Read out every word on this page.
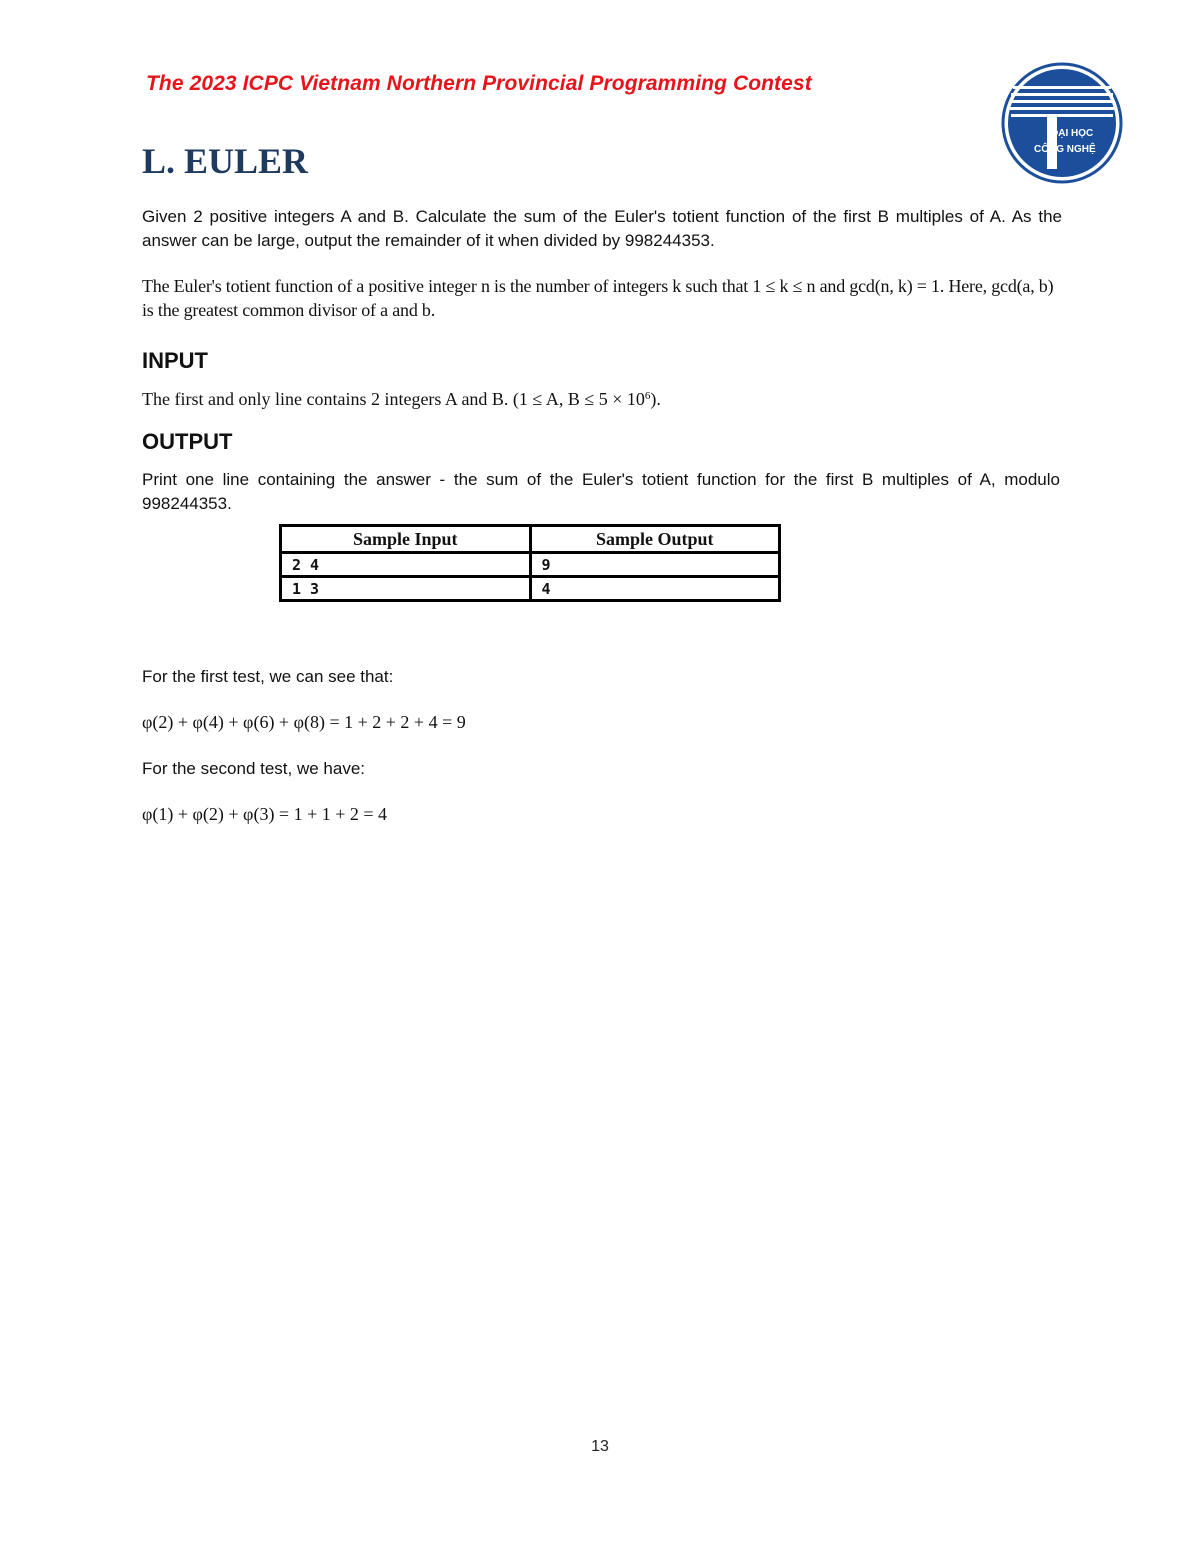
The 2023 ICPC Vietnam Northern Provincial Programming Contest
ĐẠI HỌC
CÔNG NGHỆ
L. EULER
Given 2 positive integers A and B. Calculate the sum of the Euler's totient function of the first B multiples of A. As the answer can be large, output the remainder of it when divided by 998244353.
The Euler's totient function of a positive integer n is the number of integers k such that 1 ≤ k ≤ n and gcd(n, k) = 1. Here, gcd(a, b) is the greatest common divisor of a and b.
INPUT
The first and only line contains 2 integers A and B. (1 ≤ A, $B \le 5 \times 10^6$).
OUTPUT
Print one line containing the answer - the sum of the Euler's totient function for the first B multiples of A, modulo 998244353.
Sample Input	Sample Output
2 4	9
1 3	4
For the first test, we can see that:
φ(2) + φ(4) + φ(6) + φ(8) = 1 + 2 + 2 + 4 = 9
For the second test, we have:
φ(1) + φ(2) + φ(3) = 1 + 1 + 2 = 4
13
